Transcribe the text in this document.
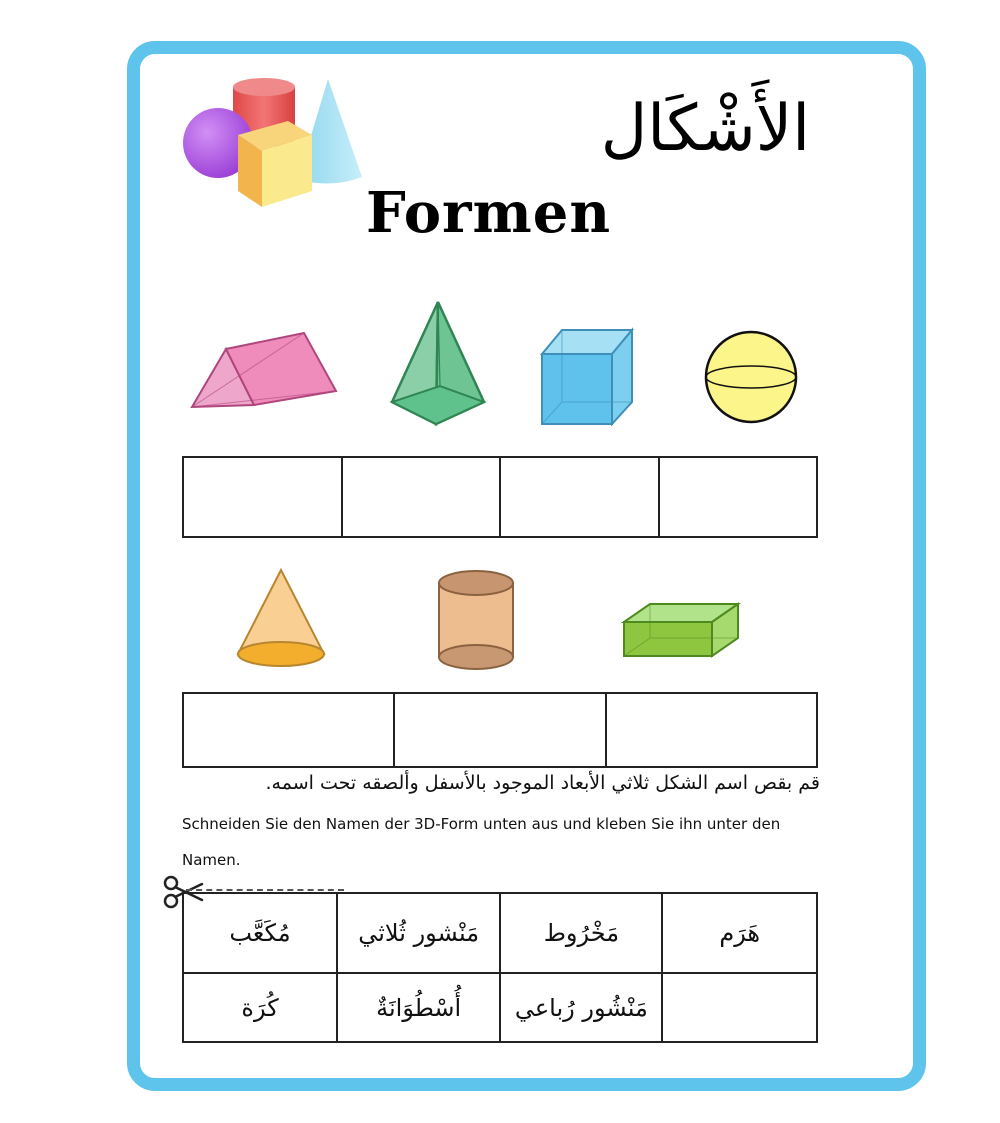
الأَشْكَال
Formen

قم بقص اسم الشكل ثلاثي الأبعاد الموجود بالأسفل وألصقه تحت اسمه.
Schneiden Sie den Namen der 3D-Form unten aus und kleben Sie ihn unter den Namen.
مُكَعَّب	مَنْشور ثُلاثي	مَخْرُوط	هَرَم
كُرَة	أُسْطُوَانَةٌ	مَنْشُور رُباعي	
